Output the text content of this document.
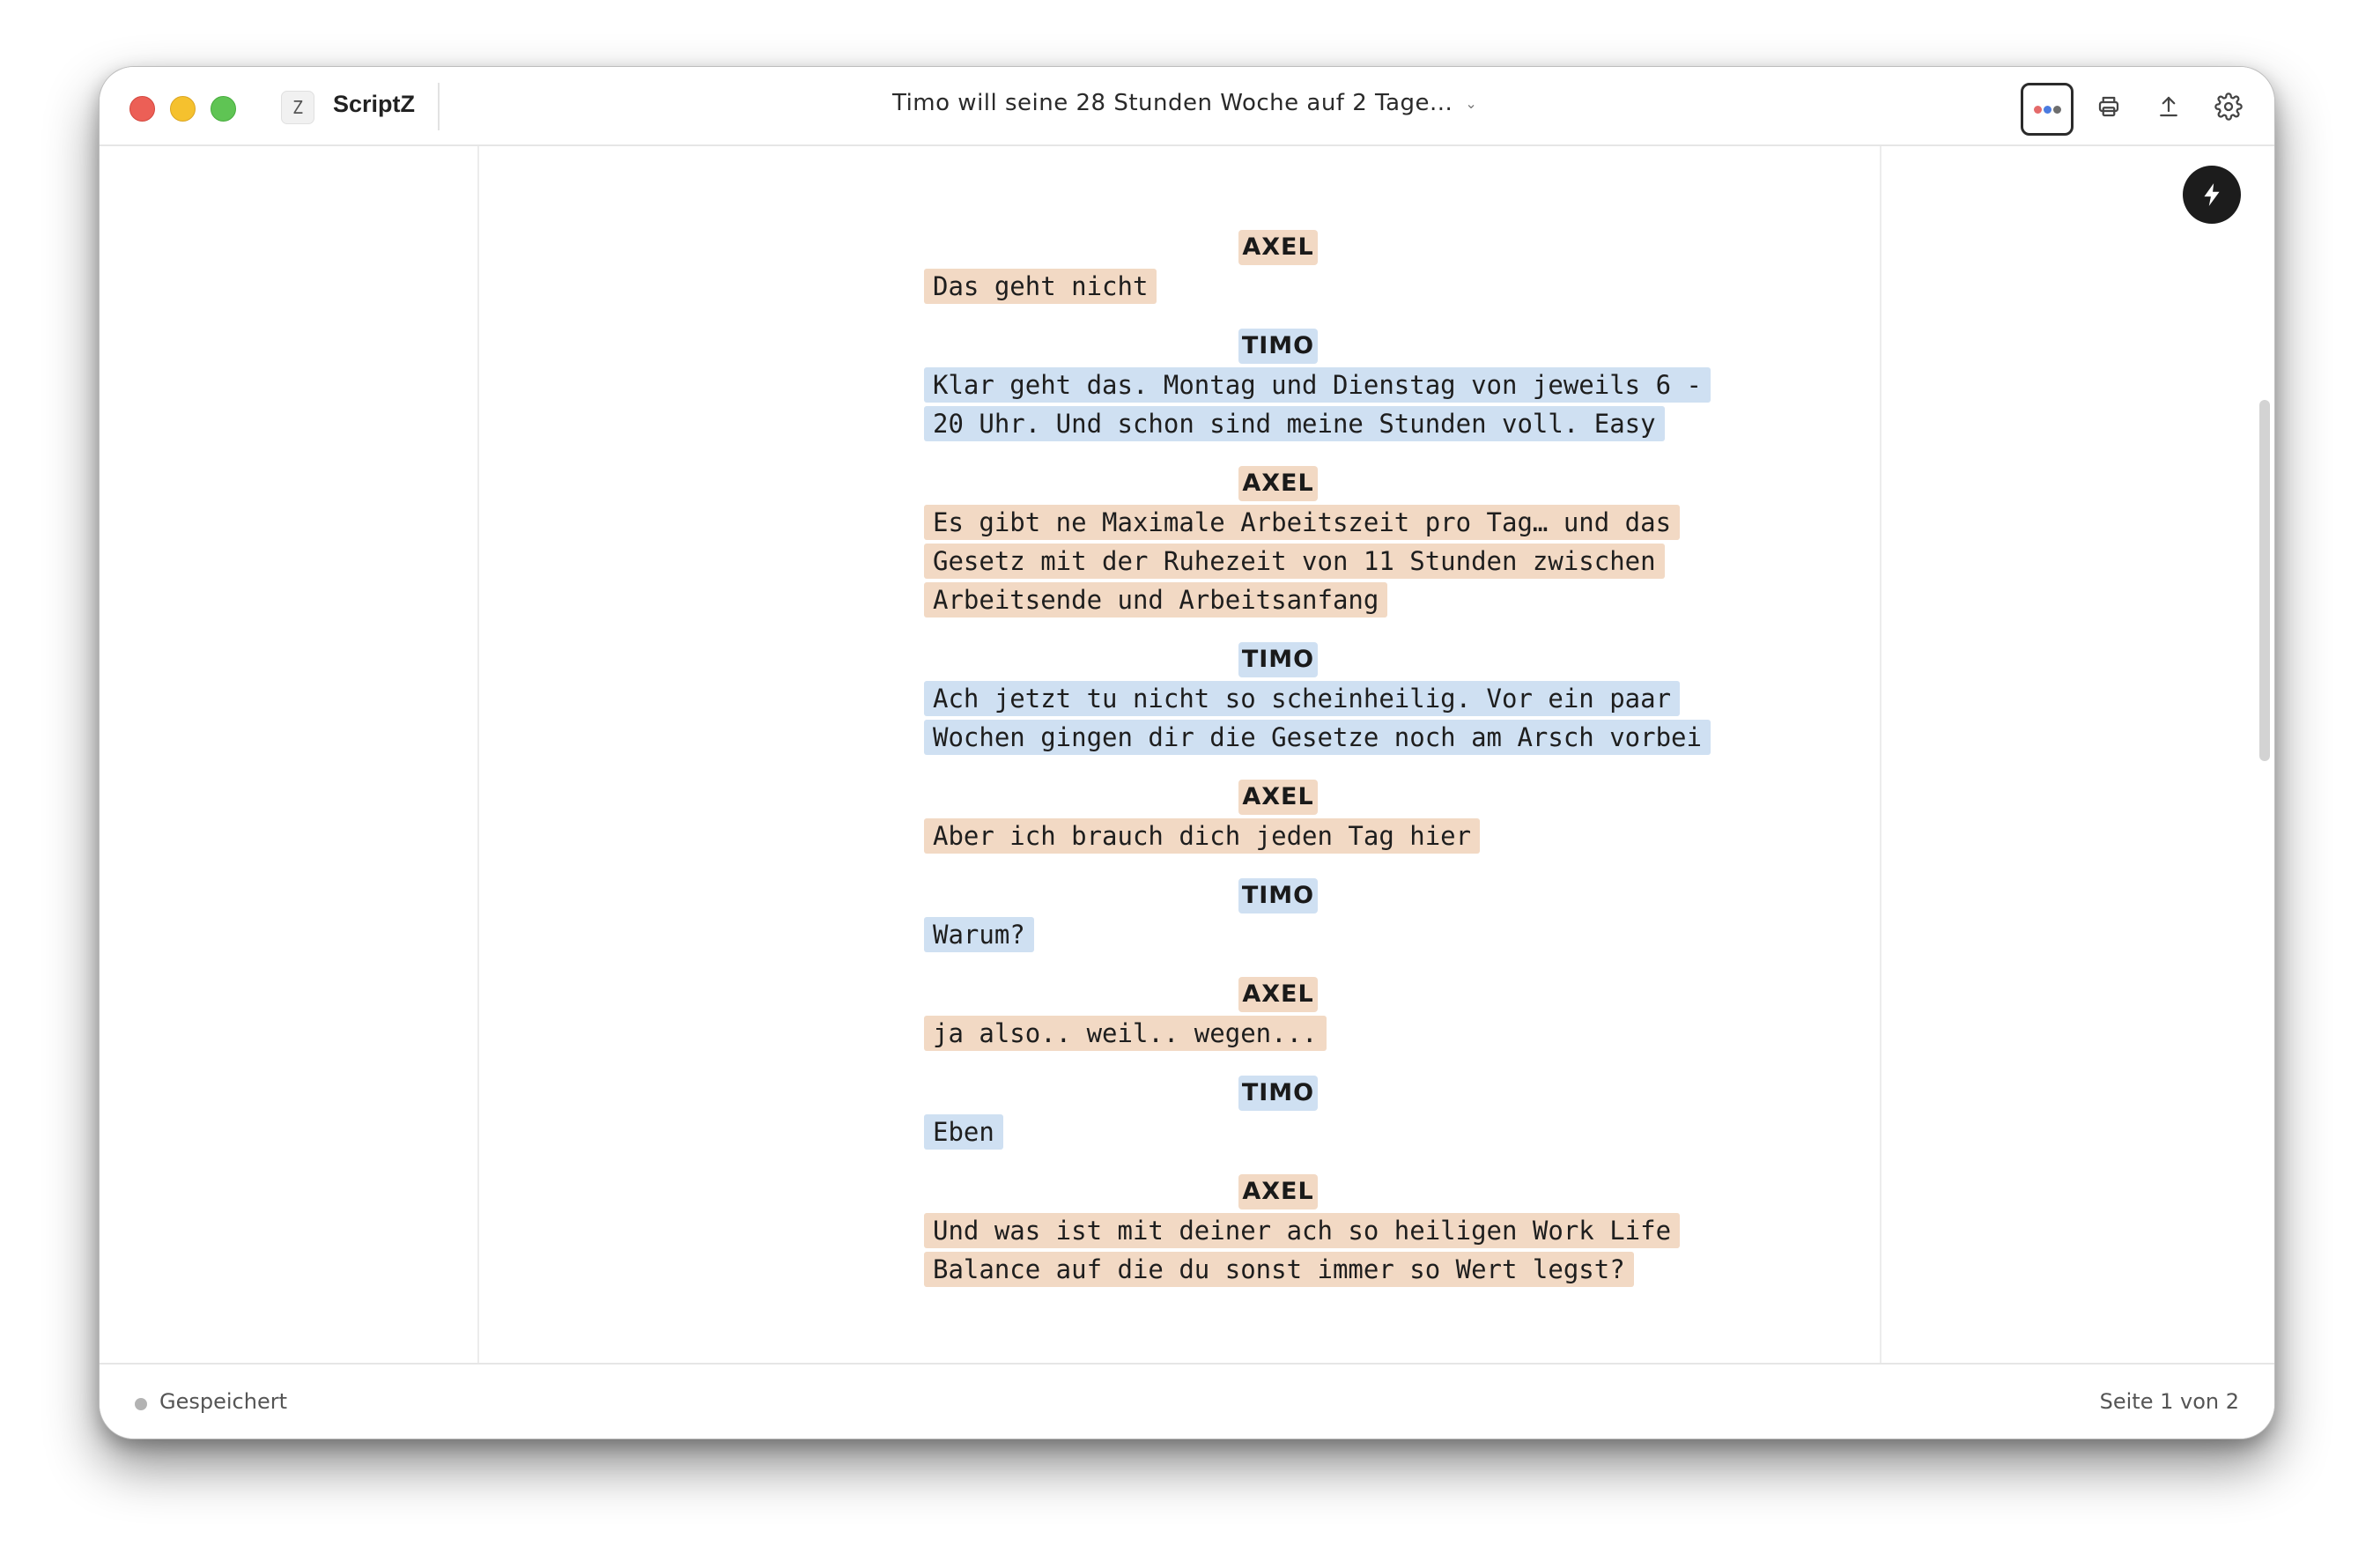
Z	ScriptZ	Timo will seine 28 Stunden Woche auf 2 Tage... ⌄
AXEL
Das geht nicht
TIMO
Klar geht das. Montag und Dienstag von jeweils 6 -
20 Uhr. Und schon sind meine Stunden voll. Easy
AXEL
Es gibt ne Maximale Arbeitszeit pro Tag… und das
Gesetz mit der Ruhezeit von 11 Stunden zwischen
Arbeitsende und Arbeitsanfang
TIMO
Ach jetzt tu nicht so scheinheilig. Vor ein paar
Wochen gingen dir die Gesetze noch am Arsch vorbei
AXEL
Aber ich brauch dich jeden Tag hier
TIMO
Warum?
AXEL
ja also.. weil.. wegen...
TIMO
Eben
AXEL
Und was ist mit deiner ach so heiligen Work Life
Balance auf die du sonst immer so Wert legst?
Gespeichert	Seite 1 von 2
